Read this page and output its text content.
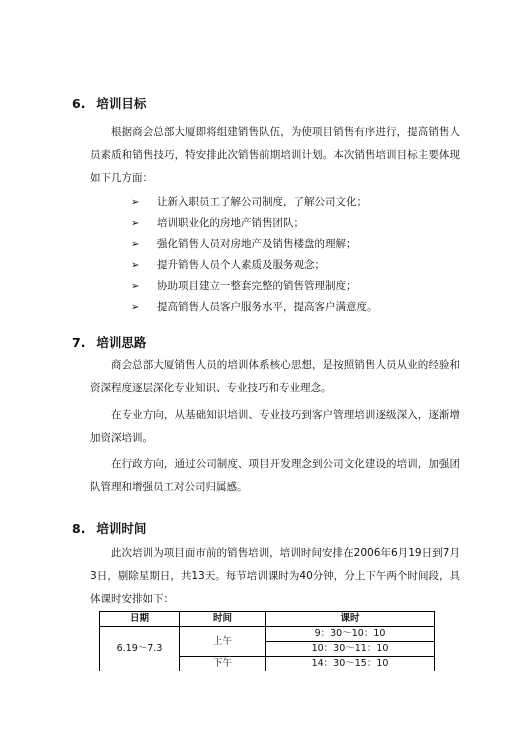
6. 培训目标
根据商会总部大厦即将组建销售队伍，为使项目销售有序进行，提高销售人员素质和销售技巧，特安排此次销售前期培训计划。本次销售培训目标主要体现如下几方面：
➢ 让新入职员工了解公司制度，了解公司文化；
➢ 培训职业化的房地产销售团队；
➢ 强化销售人员对房地产及销售楼盘的理解；
➢ 提升销售人员个人素质及服务观念；
➢ 协助项目建立一整套完整的销售管理制度；
➢ 提高销售人员客户服务水平，提高客户满意度。
7. 培训思路
商会总部大厦销售人员的培训体系核心思想，是按照销售人员从业的经验和资深程度逐层深化专业知识、专业技巧和专业理念。
在专业方向，从基础知识培训、专业技巧到客户管理培训逐级深入，逐渐增加资深培训。
在行政方向，通过公司制度、项目开发理念到公司文化建设的培训，加强团队管理和增强员工对公司归属感。
8. 培训时间
此次培训为项目面市前的销售培训，培训时间安排在2006年6月19日到7月3日，剔除星期日，共13天。每节培训课时为40分钟，分上下午两个时间段，具体课时安排如下：
日期	时间	课时
6.19～7.3	上午	9：30～10：10
		10：30～11：10
	下午	14：30～15：10
